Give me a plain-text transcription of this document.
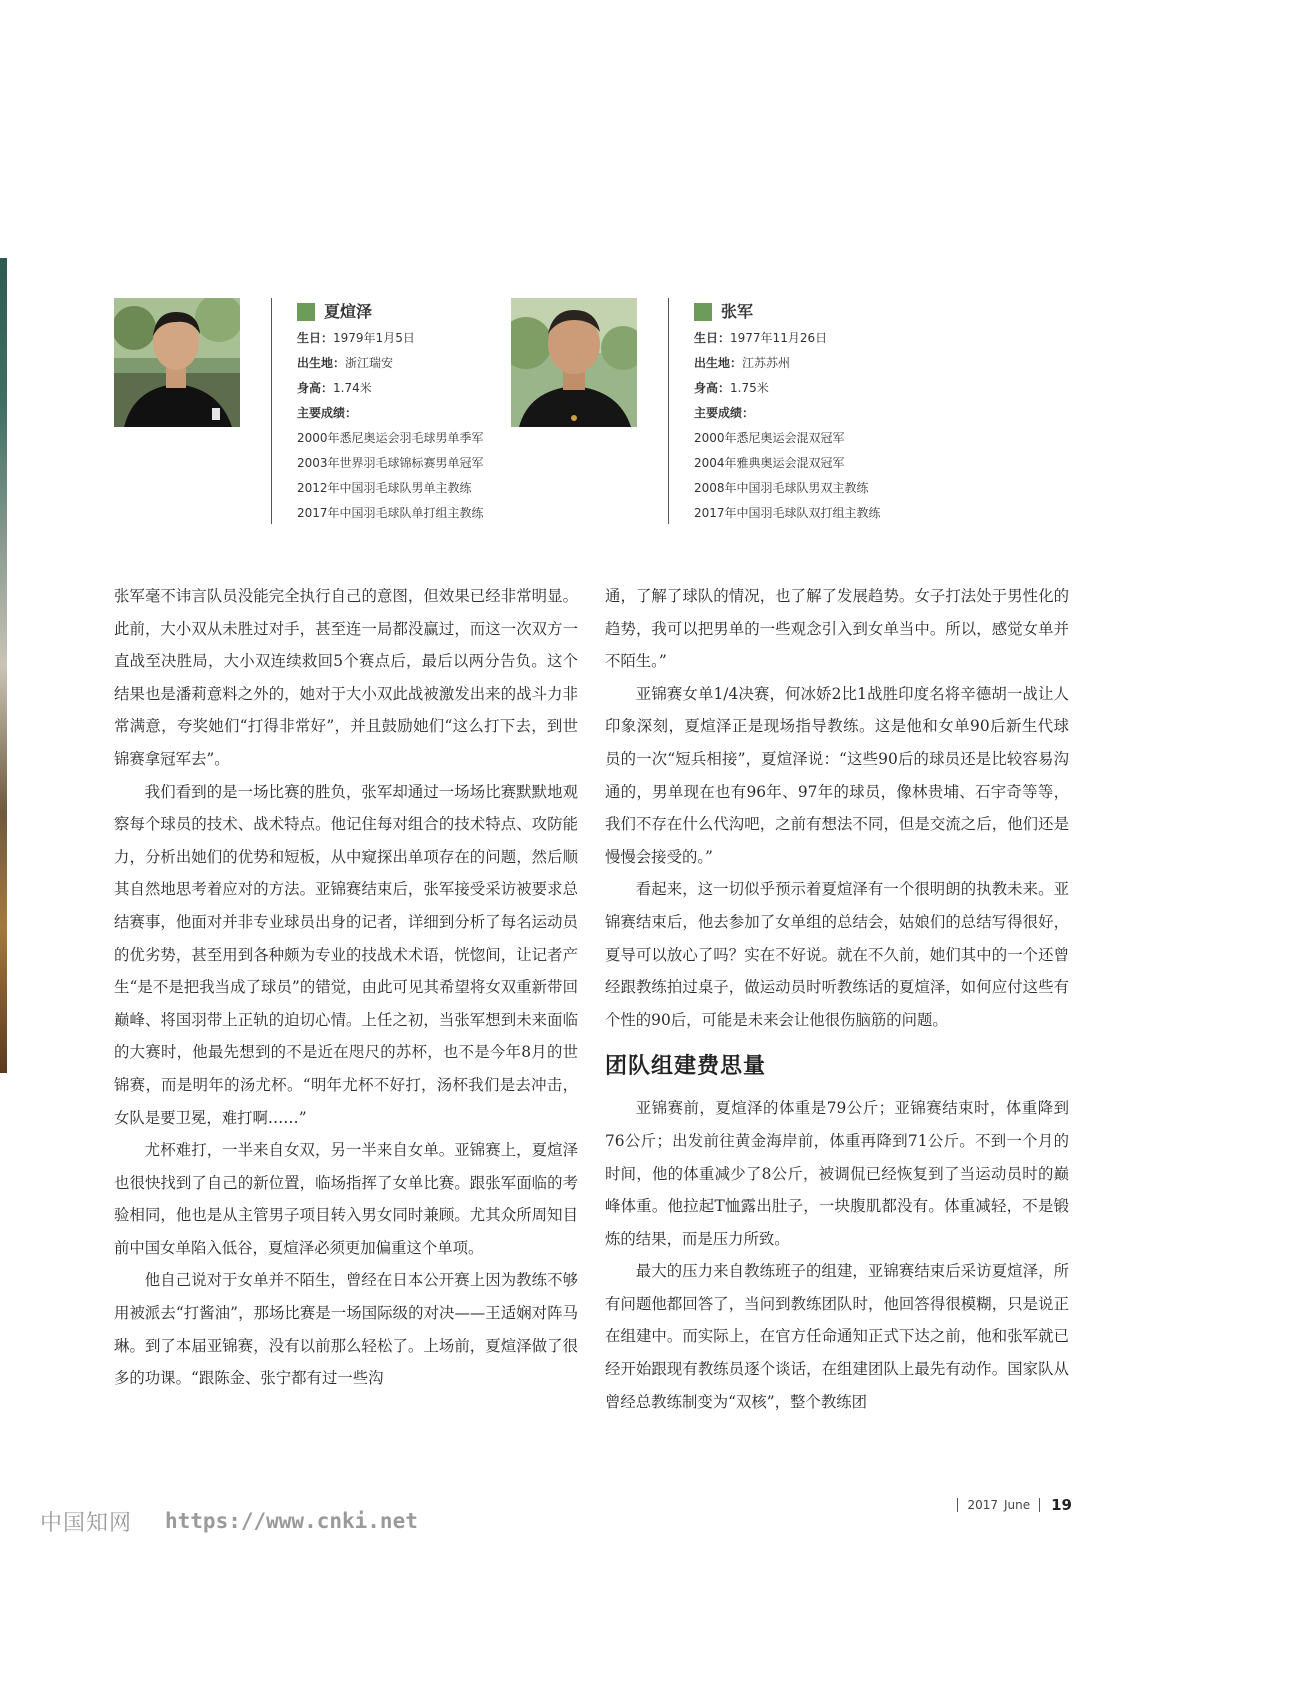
夏煊泽
生日：1979年1月5日
出生地：浙江瑞安
身高：1.74米
主要成绩：
2000年悉尼奥运会羽毛球男单季军
2003年世界羽毛球锦标赛男单冠军
2012年中国羽毛球队男单主教练
2017年中国羽毛球队单打组主教练
张军
生日：1977年11月26日
出生地：江苏苏州
身高：1.75米
主要成绩：
2000年悉尼奥运会混双冠军
2004年雅典奥运会混双冠军
2008年中国羽毛球队男双主教练
2017年中国羽毛球队双打组主教练

张军毫不讳言队员没能完全执行自己的意图，但效果已经非常明显。此前，大小双从未胜过对手，甚至连一局都没赢过，而这一次双方一直战至决胜局，大小双连续救回5个赛点后，最后以两分告负。这个结果也是潘莉意料之外的，她对于大小双此战被激发出来的战斗力非常满意，夸奖她们“打得非常好”，并且鼓励她们“这么打下去，到世锦赛拿冠军去”。

我们看到的是一场比赛的胜负，张军却通过一场场比赛默默地观察每个球员的技术、战术特点。他记住每对组合的技术特点、攻防能力，分析出她们的优势和短板，从中窥探出单项存在的问题，然后顺其自然地思考着应对的方法。亚锦赛结束后，张军接受采访被要求总结赛事，他面对并非专业球员出身的记者，详细到分析了每名运动员的优劣势，甚至用到各种颇为专业的技战术术语，恍惚间，让记者产生“是不是把我当成了球员”的错觉，由此可见其希望将女双重新带回巅峰、将国羽带上正轨的迫切心情。上任之初，当张军想到未来面临的大赛时，他最先想到的不是近在咫尺的苏杯，也不是今年8月的世锦赛，而是明年的汤尤杯。“明年尤杯不好打，汤杯我们是去冲击，女队是要卫冕，难打啊……”

尤杯难打，一半来自女双，另一半来自女单。亚锦赛上，夏煊泽也很快找到了自己的新位置，临场指挥了女单比赛。跟张军面临的考验相同，他也是从主管男子项目转入男女同时兼顾。尤其众所周知目前中国女单陷入低谷，夏煊泽必须更加偏重这个单项。

他自己说对于女单并不陌生，曾经在日本公开赛上因为教练不够用被派去“打酱油”，那场比赛是一场国际级的对决——王适娴对阵马琳。到了本届亚锦赛，没有以前那么轻松了。上场前，夏煊泽做了很多的功课。“跟陈金、张宁都有过一些沟

通，了解了球队的情况，也了解了发展趋势。女子打法处于男性化的趋势，我可以把男单的一些观念引入到女单当中。所以，感觉女单并不陌生。”

亚锦赛女单1/4决赛，何冰娇2比1战胜印度名将辛德胡一战让人印象深刻，夏煊泽正是现场指导教练。这是他和女单90后新生代球员的一次“短兵相接”，夏煊泽说：“这些90后的球员还是比较容易沟通的，男单现在也有96年、97年的球员，像林贵埔、石宇奇等等，我们不存在什么代沟吧，之前有想法不同，但是交流之后，他们还是慢慢会接受的。”

看起来，这一切似乎预示着夏煊泽有一个很明朗的执教未来。亚锦赛结束后，他去参加了女单组的总结会，姑娘们的总结写得很好，夏导可以放心了吗？实在不好说。就在不久前，她们其中的一个还曾经跟教练拍过桌子，做运动员时听教练话的夏煊泽，如何应付这些有个性的90后，可能是未来会让他很伤脑筋的问题。

团队组建费思量

亚锦赛前，夏煊泽的体重是79公斤；亚锦赛结束时，体重降到76公斤；出发前往黄金海岸前，体重再降到71公斤。不到一个月的时间，他的体重减少了8公斤，被调侃已经恢复到了当运动员时的巅峰体重。他拉起T恤露出肚子，一块腹肌都没有。体重减轻，不是锻炼的结果，而是压力所致。

最大的压力来自教练班子的组建，亚锦赛结束后采访夏煊泽，所有问题他都回答了，当问到教练团队时，他回答得很模糊，只是说正在组建中。而实际上，在官方任命通知正式下达之前，他和张军就已经开始跟现有教练员逐个谈话，在组建团队上最先有动作。国家队从曾经总教练制变为“双核”，整个教练团

中国知网 https://www.cnki.net
2017 June 19
